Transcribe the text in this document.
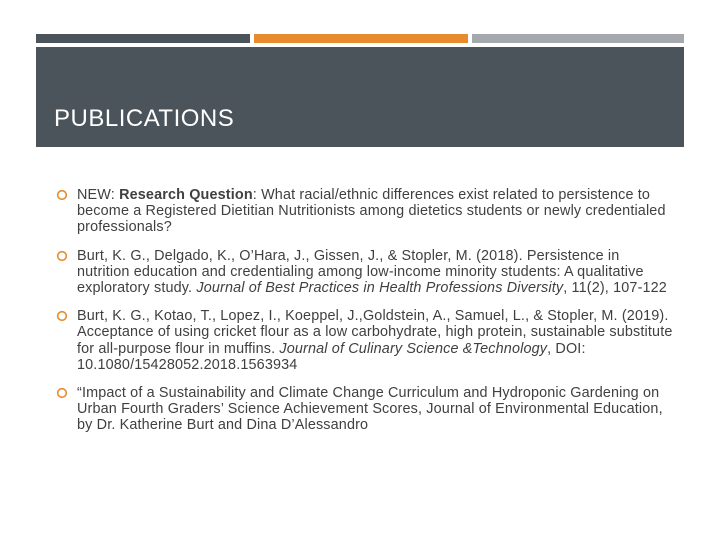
PUBLICATIONS
NEW: Research Question: What racial/ethnic differences exist related to persistence to become a Registered Dietitian Nutritionists among dietetics students or newly credentialed professionals?
Burt, K. G., Delgado, K., O’Hara, J., Gissen, J., & Stopler, M. (2018). Persistence in nutrition education and credentialing among low-income minority students: A qualitative exploratory study. Journal of Best Practices in Health Professions Diversity, 11(2), 107-122
Burt, K. G., Kotao, T., Lopez, I., Koeppel, J.,Goldstein, A., Samuel, L., & Stopler, M. (2019). Acceptance of using cricket flour as a low carbohydrate, high protein, sustainable substitute for all-purpose flour in muffins. Journal of Culinary Science &Technology, DOI: 10.1080/15428052.2018.1563934
“Impact of a Sustainability and Climate Change Curriculum and Hydroponic Gardening on Urban Fourth Graders’ Science Achievement Scores, Journal of Environmental Education, by Dr. Katherine Burt and Dina D’Alessandro
